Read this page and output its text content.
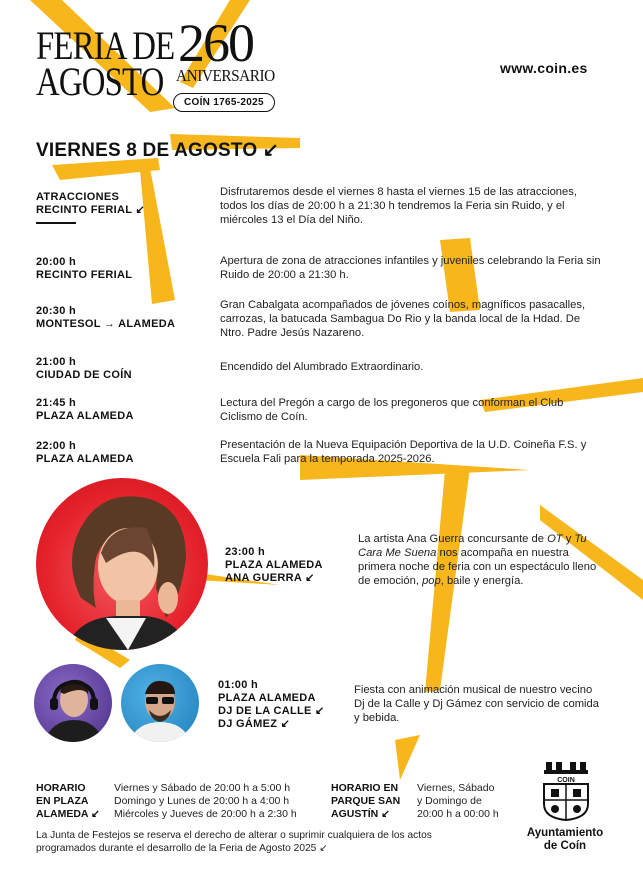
FERIA DE
AGOSTO
260
ANIVERSARIO
COÍN 1765-2025
www.coin.es
VIERNES 8 DE AGOSTO ↙
ATRACCIONES
RECINTO FERIAL ↙
Disfrutaremos desde el viernes 8 hasta el viernes 15 de las atracciones, todos los días de 20:00 h a 21:30 h tendremos la Feria sin Ruido, y el miércoles 13 el Día del Niño.
20:00 h
RECINTO FERIAL
Apertura de zona de atracciones infantiles y juveniles celebrando la Feria sin Ruido de 20:00 a 21:30 h.
20:30 h
MONTESOL → ALAMEDA
Gran Cabalgata acompañados de jóvenes coínos, magníficos pasacalles, carrozas, la batucada Sambagua Do Rio y la banda local de la Hdad. De Ntro. Padre Jesús Nazareno.
21:00 h
CIUDAD DE COÍN
Encendido del Alumbrado Extraordinario.
21:45 h
PLAZA ALAMEDA
Lectura del Pregón a cargo de los pregoneros que conforman el Club Ciclismo de Coín.
22:00 h
PLAZA ALAMEDA
Presentación de la Nueva Equipación Deportiva de la U.D. Coineña F.S. y Escuela Fali para la temporada 2025-2026.
23:00 h
PLAZA ALAMEDA
ANA GUERRA ↙
La artista Ana Guerra concursante de OT y Tu Cara Me Suena nos acompaña en nuestra primera noche de feria con un espectáculo lleno de emoción, pop, baile y energía.
01:00 h
PLAZA ALAMEDA
DJ DE LA CALLE ↙
DJ GÁMEZ ↙
Fiesta con animación musical de nuestro vecino Dj de la Calle y Dj Gámez con servicio de comida y bebida.
HORARIO
EN PLAZA
ALAMEDA ↙
Viernes y Sábado de 20:00 h a 5:00 h
Domingo y Lunes de 20:00 h a 4:00 h
Miércoles y Jueves de 20:00 h a 2:30 h
HORARIO EN
PARQUE SAN
AGUSTÍN ↙
Viernes, Sábado
y Domingo de
20:00 h a 00:00 h
La Junta de Festejos se reserva el derecho de alterar o suprimir cualquiera de los actos programados durante el desarrollo de la Feria de Agosto 2025 ↙
COIN
Ayuntamiento
de Coín
